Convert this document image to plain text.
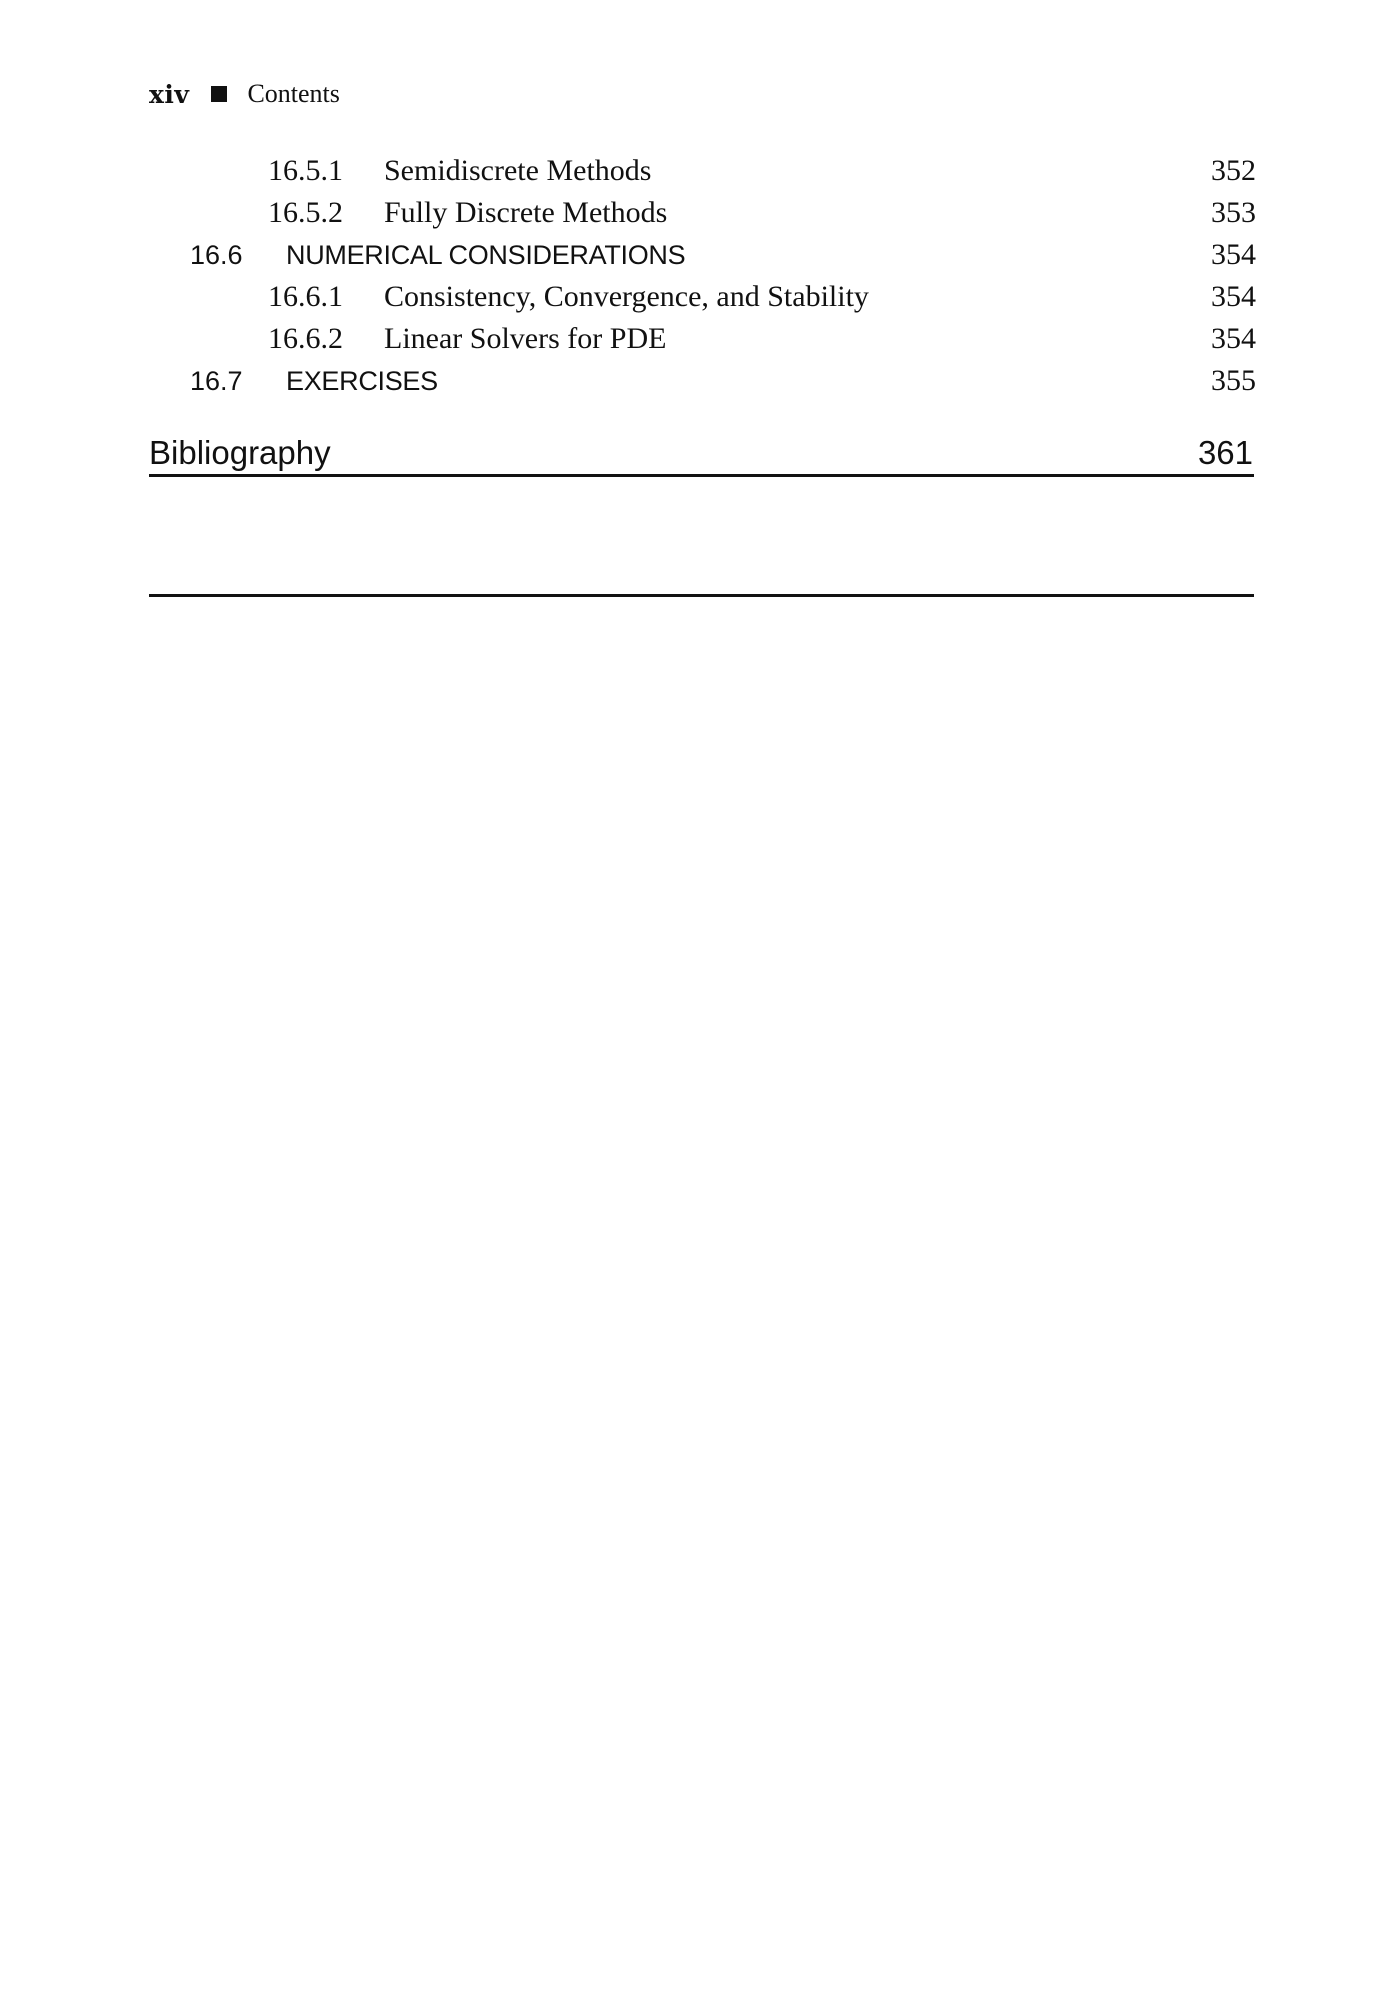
xiv Contents
16.5.1 Semidiscrete Methods	352
16.5.2 Fully Discrete Methods	353
16.6 NUMERICAL CONSIDERATIONS	354
16.6.1 Consistency, Convergence, and Stability	354
16.6.2 Linear Solvers for PDE	354
16.7 EXERCISES	355
Bibliography	361
